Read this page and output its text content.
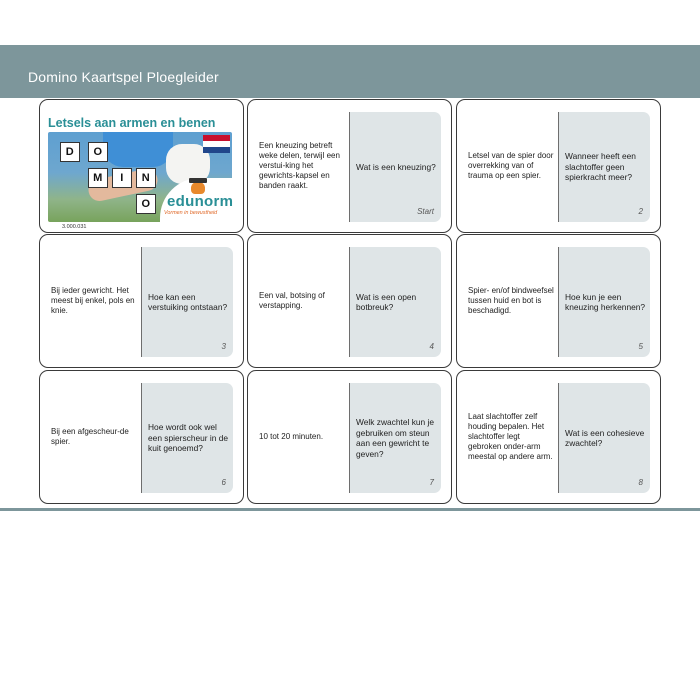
Domino Kaartspel Ploegleider
Letsels aan armen en benen
D	O
M	I	N
O	edunorm
Vormen in bewustheid
3.000.031
Een kneuzing betreft weke delen, terwijl een verstui-king het gewrichts-kapsel en banden raakt.
Wat is een kneuzing?
Start
Letsel van de spier door overrekking van of trauma op een spier.
Wanneer heeft een slachtoffer geen spierkracht meer?
2
Bij ieder gewricht. Het meest bij enkel, pols en knie.
Hoe kan een verstuiking ontstaan?
3
Een val, botsing of verstapping.
Wat is een open botbreuk?
4
Spier- en/of bindweefsel tussen huid en bot is beschadigd.
Hoe kun je een kneuzing herkennen?
5
Bij een afgescheur-de spier.
Hoe wordt ook wel een spierscheur in de kuit genoemd?
6
10 tot 20 minuten.
Welk zwachtel kun je gebruiken om steun aan een gewricht te geven?
7
Laat slachtoffer zelf houding bepalen. Het slachtoffer legt gebroken onder-arm meestal op andere arm.
Wat is een cohesieve zwachtel?
8
